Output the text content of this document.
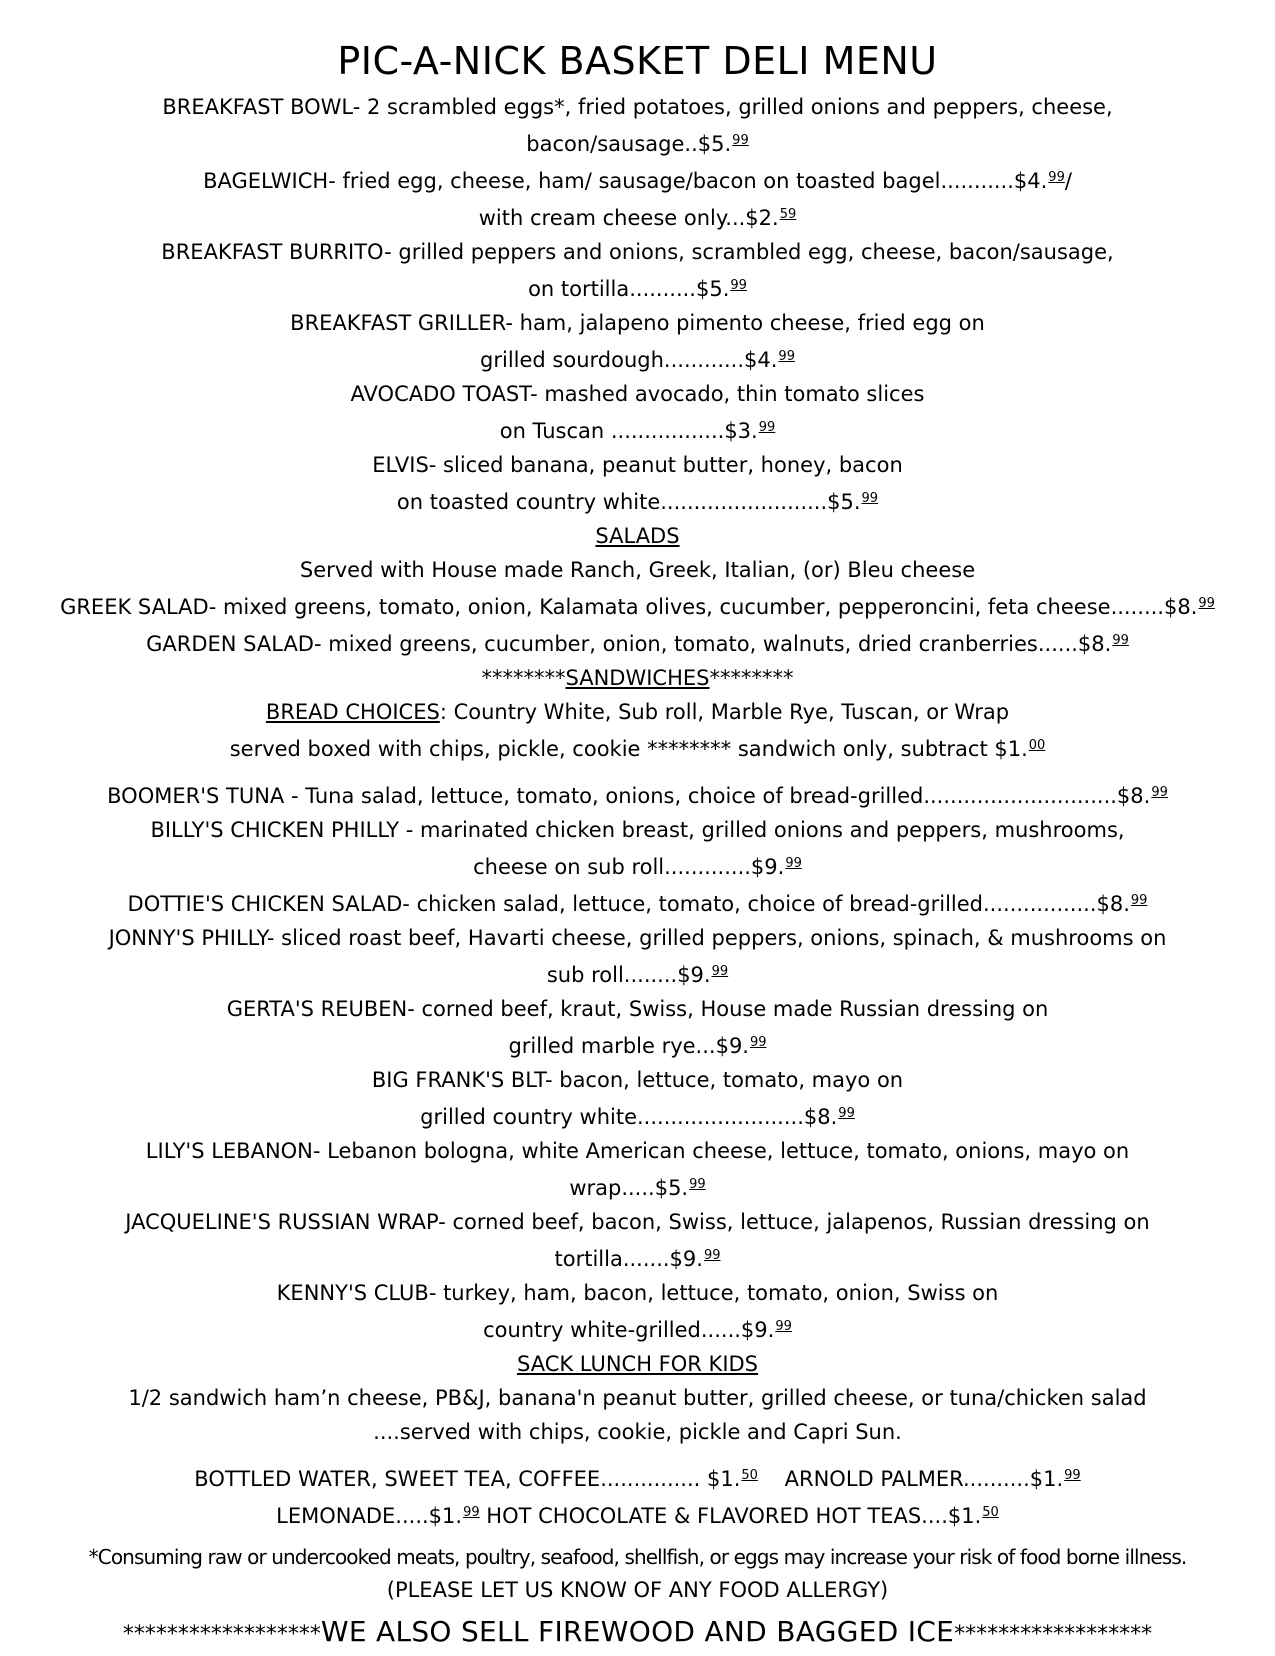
PIC-A-NICK BASKET DELI MENU
BREAKFAST BOWL- 2 scrambled eggs*, fried potatoes, grilled onions and peppers, cheese,
bacon/sausage..$5.99
BAGELWICH- fried egg, cheese, ham/ sausage/bacon on toasted bagel...........$4.99/
with cream cheese only...$2.59
BREAKFAST BURRITO- grilled peppers and onions, scrambled egg, cheese, bacon/sausage,
on tortilla..........$5.99
BREAKFAST GRILLER- ham, jalapeno pimento cheese, fried egg on
grilled sourdough............$4.99
AVOCADO TOAST- mashed avocado, thin tomato slices
on Tuscan .................$3.99
ELVIS- sliced banana, peanut butter, honey, bacon
on toasted country white.........................$5.99
SALADS
Served with House made Ranch, Greek, Italian, (or) Bleu cheese
GREEK SALAD- mixed greens, tomato, onion, Kalamata olives, cucumber, pepperoncini, feta cheese........$8.99
GARDEN SALAD- mixed greens, cucumber, onion, tomato, walnuts, dried cranberries......$8.99
********SANDWICHES********
BREAD CHOICES: Country White, Sub roll, Marble Rye, Tuscan, or Wrap
served boxed with chips, pickle, cookie ******** sandwich only, subtract $1.00
BOOMER'S TUNA - Tuna salad, lettuce, tomato, onions, choice of bread-grilled.............................$8.99
BILLY'S CHICKEN PHILLY - marinated chicken breast, grilled onions and peppers, mushrooms,
cheese on sub roll.............$9.99
DOTTIE'S CHICKEN SALAD- chicken salad, lettuce, tomato, choice of bread-grilled.................$8.99
JONNY'S PHILLY- sliced roast beef, Havarti cheese, grilled peppers, onions, spinach, & mushrooms on
sub roll........$9.99
GERTA'S REUBEN- corned beef, kraut, Swiss, House made Russian dressing on
grilled marble rye...$9.99
BIG FRANK'S BLT- bacon, lettuce, tomato, mayo on
grilled country white.........................$8.99
LILY'S LEBANON- Lebanon bologna, white American cheese, lettuce, tomato, onions, mayo on
wrap.....$5.99
JACQUELINE'S RUSSIAN WRAP- corned beef, bacon, Swiss, lettuce, jalapenos, Russian dressing on
tortilla.......$9.99
KENNY'S CLUB- turkey, ham, bacon, lettuce, tomato, onion, Swiss on
country white-grilled......$9.99
SACK LUNCH FOR KIDS
1/2 sandwich ham’n cheese, PB&J, banana'n peanut butter, grilled cheese, or tuna/chicken salad
....served with chips, cookie, pickle and Capri Sun.
BOTTLED WATER, SWEET TEA, COFFEE............... $1.50 ARNOLD PALMER..........$1.99
LEMONADE.....$1.99 HOT CHOCOLATE & FLAVORED HOT TEAS....$1.50
*Consuming raw or undercooked meats, poultry, seafood, shellfish, or eggs may increase your risk of food borne illness.
(PLEASE LET US KNOW OF ANY FOOD ALLERGY)
******************WE ALSO SELL FIREWOOD AND BAGGED ICE******************
